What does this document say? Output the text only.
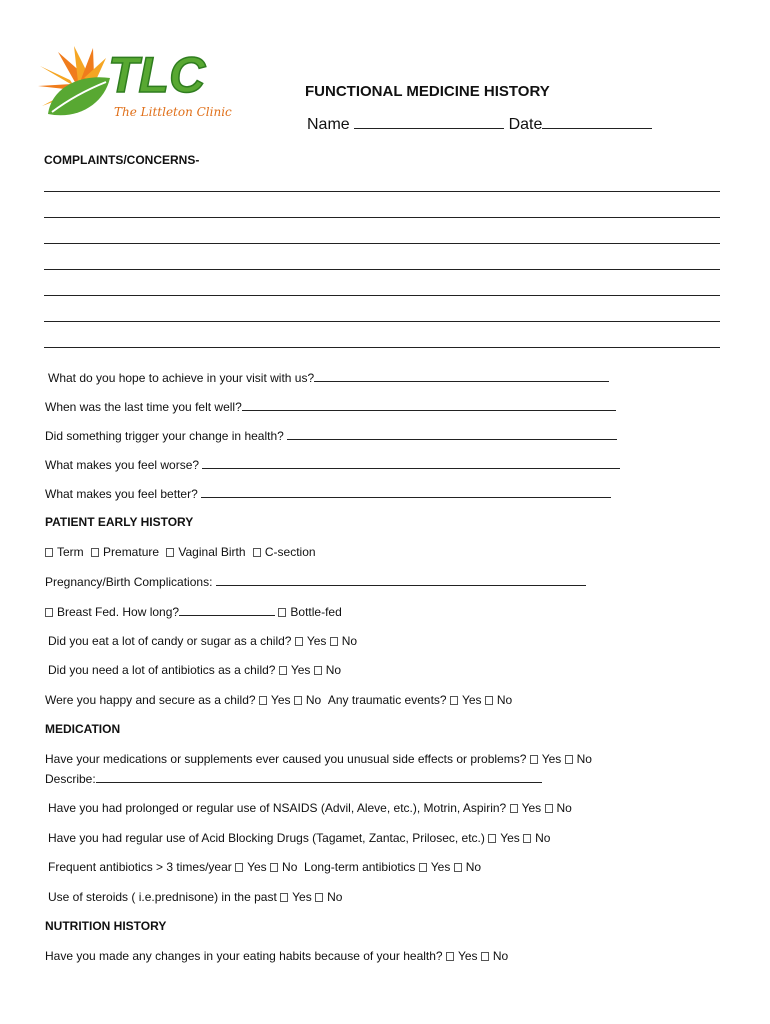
TLC
The Littleton Clinic
FUNCTIONAL MEDICINE HISTORY
Name	Date
COMPLAINTS/CONCERNS-
What do you hope to achieve in your visit with us?
When was the last time you felt well?
Did something trigger your change in health?
What makes you feel worse?
What makes you feel better?
PATIENT EARLY HISTORY
Term Premature Vaginal Birth C-section
Pregnancy/Birth Complications:
Breast Fed. How long?	Bottle-fed
Did you eat a lot of candy or sugar as a child? Yes No
Did you need a lot of antibiotics as a child? Yes No
Were you happy and secure as a child? Yes No Any traumatic events? Yes No
MEDICATION
Have your medications or supplements ever caused you unusual side effects or problems? Yes No
Describe:
Have you had prolonged or regular use of NSAIDS (Advil, Aleve, etc.), Motrin, Aspirin? Yes No
Have you had regular use of Acid Blocking Drugs (Tagamet, Zantac, Prilosec, etc.) Yes No
Frequent antibiotics > 3 times/year Yes No Long-term antibiotics Yes No
Use of steroids ( i.e.prednisone) in the past Yes No
NUTRITION HISTORY
Have you made any changes in your eating habits because of your health? Yes No
